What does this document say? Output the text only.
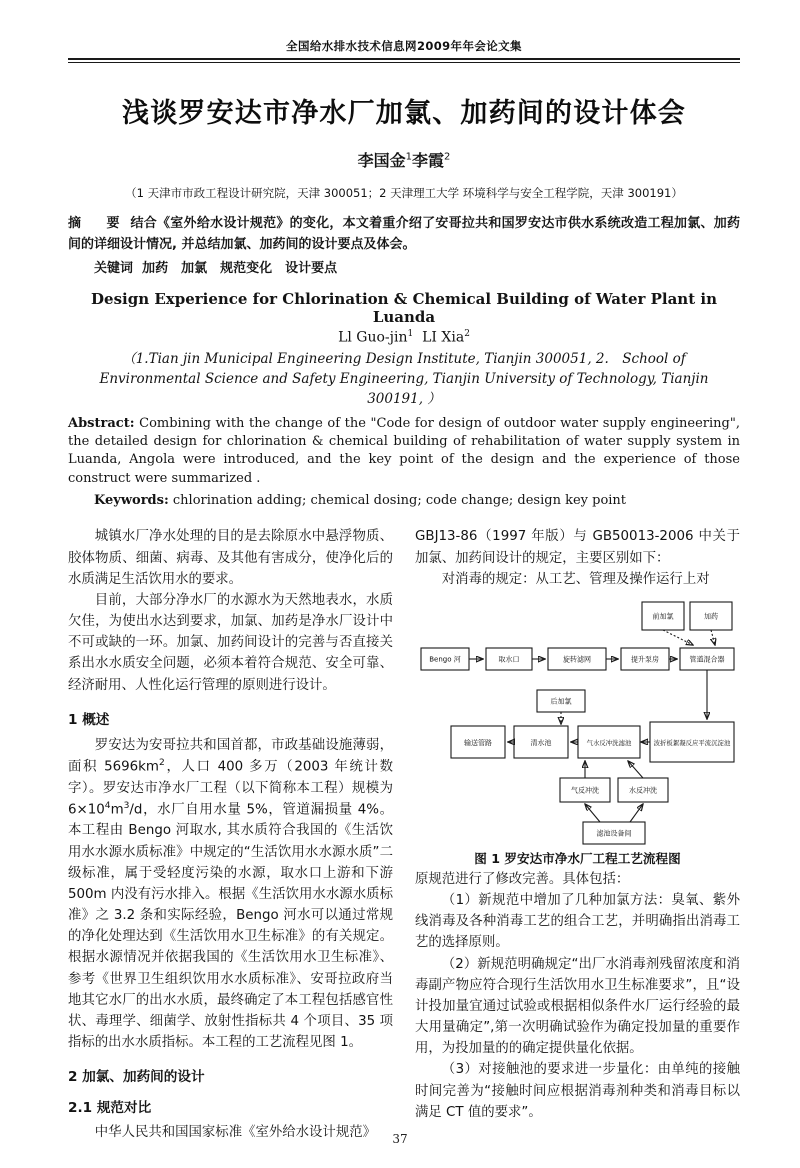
全国给水排水技术信息网2009年年会论文集
浅谈罗安达市净水厂加氯、加药间的设计体会
李国金$^1$李霞$^2$
（1 天津市市政工程设计研究院，天津 300051；2 天津理工大学 环境科学与安全工程学院，天津 300191）
摘　要 结合《室外给水设计规范》的变化，本文着重介绍了安哥拉共和国罗安达市供水系统改造工程加氯、加药间的详细设计情况, 并总结加氯、加药间的设计要点及体会。
关键词 加药　加氯　规范变化　设计要点
Design Experience for Chlorination & Chemical Building of Water Plant in Luanda
Ll Guo-jin$^1$ LI Xia$^2$
（1.Tian jin Municipal Engineering Design Institute, Tianjin 300051, 2.　School of Environmental Science and Safety Engineering, Tianjin University of Technology, Tianjin 300191, ）
Abstract: Combining with the change of the "Code for design of outdoor water supply engineering", the detailed design for chlorination & chemical building of rehabilitation of water supply system in Luanda, Angola were introduced, and the key point of the design and the experience of those construct were summarized .
Keywords: chlorination adding; chemical dosing; code change; design key point

城镇水厂净水处理的目的是去除原水中悬浮物质、胶体物质、细菌、病毒、及其他有害成分，使净化后的水质满足生活饮用水的要求。

目前，大部分净水厂的水源水为天然地表水，水质欠佳，为使出水达到要求，加氯、加药是净水厂设计中不可或缺的一环。加氯、加药间设计的完善与否直接关系出水水质安全问题，必须本着符合规范、安全可靠、经济耐用、人性化运行管理的原则进行设计。

1 概述

罗安达为安哥拉共和国首都，市政基础设施薄弱，面积 $5696km^2$，人口 400 多万（2003 年统计数字）。罗安达市净水厂工程（以下简称本工程）规模为 $6\times 10^4m^3/d$，水厂自用水量 5%，管道漏损量 4%。本工程由 Bengo 河取水, 其水质符合我国的《生活饮用水水源水质标准》中规定的“生活饮用水水源水质”二级标准，属于受轻度污染的水源，取水口上游和下游 500m 内没有污水排入。根据《生活饮用水水源水质标准》之 3.2 条和实际经验，Bengo 河水可以通过常规的净化处理达到《生活饮用水卫生标准》的有关规定。根据水源情况并依据我国的《生活饮用水卫生标准》、参考《世界卫生组织饮用水水质标准》、安哥拉政府当地其它水厂的出水水质，最终确定了本工程包括感官性状、毒理学、细菌学、放射性指标共 4 个项目、35 项指标的出水水质指标。本工程的工艺流程见图 1。

2 加氯、加药间的设计
2.1 规范对比

中华人民共和国国家标准《室外给水设计规范》

GBJ13-86（1997 年版）与 GB50013-2006 中关于加氯、加药间设计的规定，主要区别如下：

对消毒的规定：从工艺、管理及操作运行上对

前加氯	加药
Bengo 河	取水口	旋转滤网	提升泵房	管道混合器
后加氯
波折板絮凝反应平流沉淀池
气水反冲洗滤池
清水池
输送管路
气反冲洗	水反冲洗
滤池设备间
图 1 罗安达市净水厂工程工艺流程图

原规范进行了修改完善。具体包括：

（1）新规范中增加了几种加氯方法：臭氧、紫外线消毒及各种消毒工艺的组合工艺，并明确指出消毒工艺的选择原则。

（2）新规范明确规定“出厂水消毒剂残留浓度和消毒副产物应符合现行生活饮用水卫生标准要求”，且“设计投加量宜通过试验或根据相似条件水厂运行经验的最大用量确定”,第一次明确试验作为确定投加量的重要作用，为投加量的的确定提供量化依据。

（3）对接触池的要求进一步量化：由单纯的接触时间完善为“接触时间应根据消毒剂种类和消毒目标以满足 CT 值的要求”。

37
